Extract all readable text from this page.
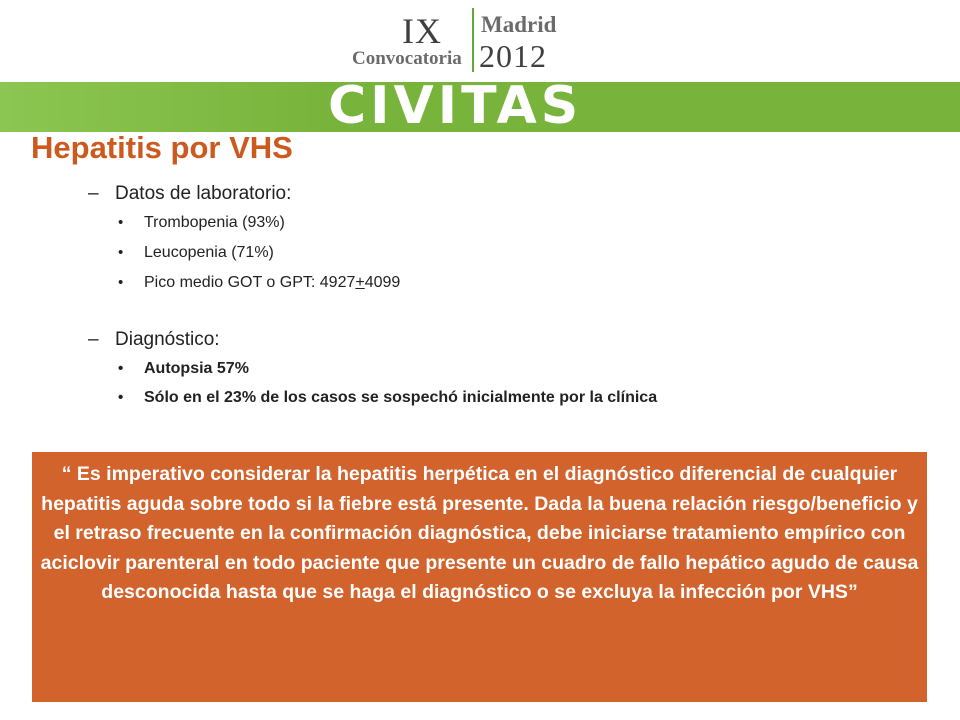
IX
Convocatoria
Madrid
2012
CIVITAS
Hepatitis por VHS
– Datos de laboratorio:
• Trombopenia (93%)
• Leucopenia (71%)
• Pico medio GOT o GPT: 4927+4099
– Diagnóstico:
• Autopsia 57%
• Sólo en el 23% de los casos se sospechó inicialmente por la clínica

“ Es imperativo considerar la hepatitis herpética en el diagnóstico diferencial de cualquier hepatitis aguda sobre todo si la fiebre está presente. Dada la buena relación riesgo/beneficio y el retraso frecuente en la confirmación diagnóstica, debe iniciarse tratamiento empírico con aciclovir parenteral en todo paciente que presente un cuadro de fallo hepático agudo de causa desconocida hasta que se haga el diagnóstico o se excluya la infección por VHS”
